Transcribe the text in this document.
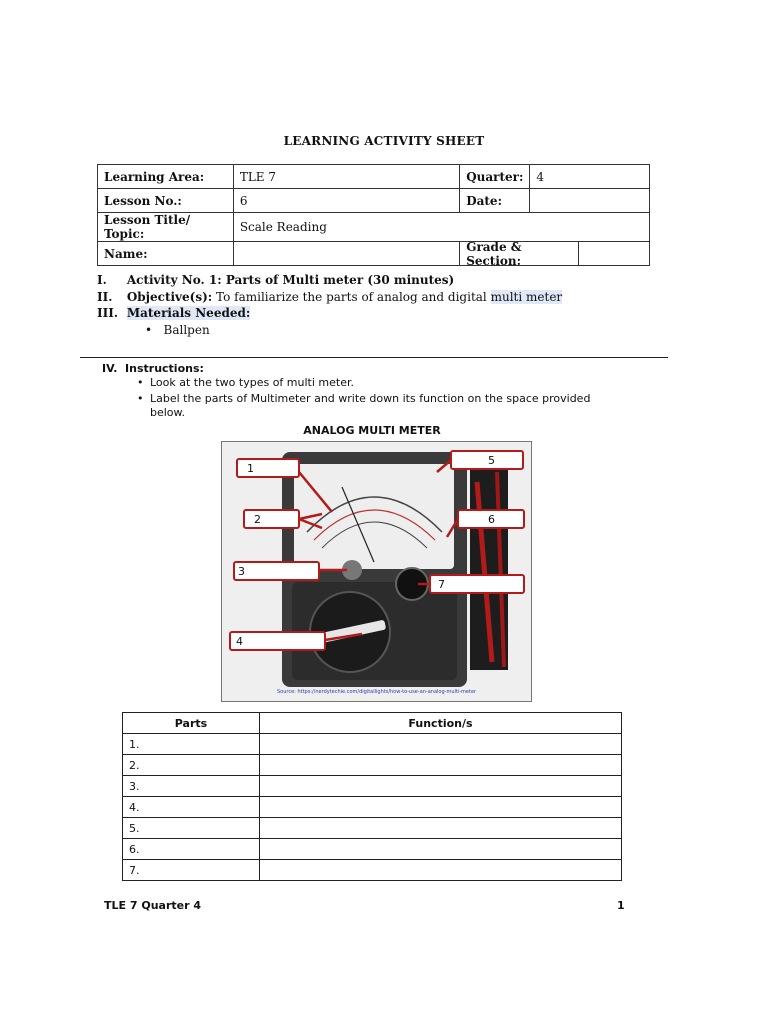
LEARNING ACTIVITY SHEET
Learning Area:	TLE 7	Quarter:	4
Lesson No.:	6	Date:	
Lesson Title/ Topic:	Scale Reading		
Name:		Grade & Section:	
I. Activity No. 1: Parts of Multi meter (30 minutes)
II. Objective(s): To familiarize the parts of analog and digital multi meter
III. Materials Needed:
•   Ballpen
IV. Instructions:
• Look at the two types of multi meter.
• Label the parts of Multimeter and write down its function on the space provided below.
ANALOG MULTI METER
1
2
3
4
5
6
7
Source: https://nerdytechie.com/digitallights/how-to-use-an-analog-multi-meter
Parts	Function/s
1.	
2.	
3.	
4.	
5.	
6.	
7.	
TLE 7 Quarter 4	1
